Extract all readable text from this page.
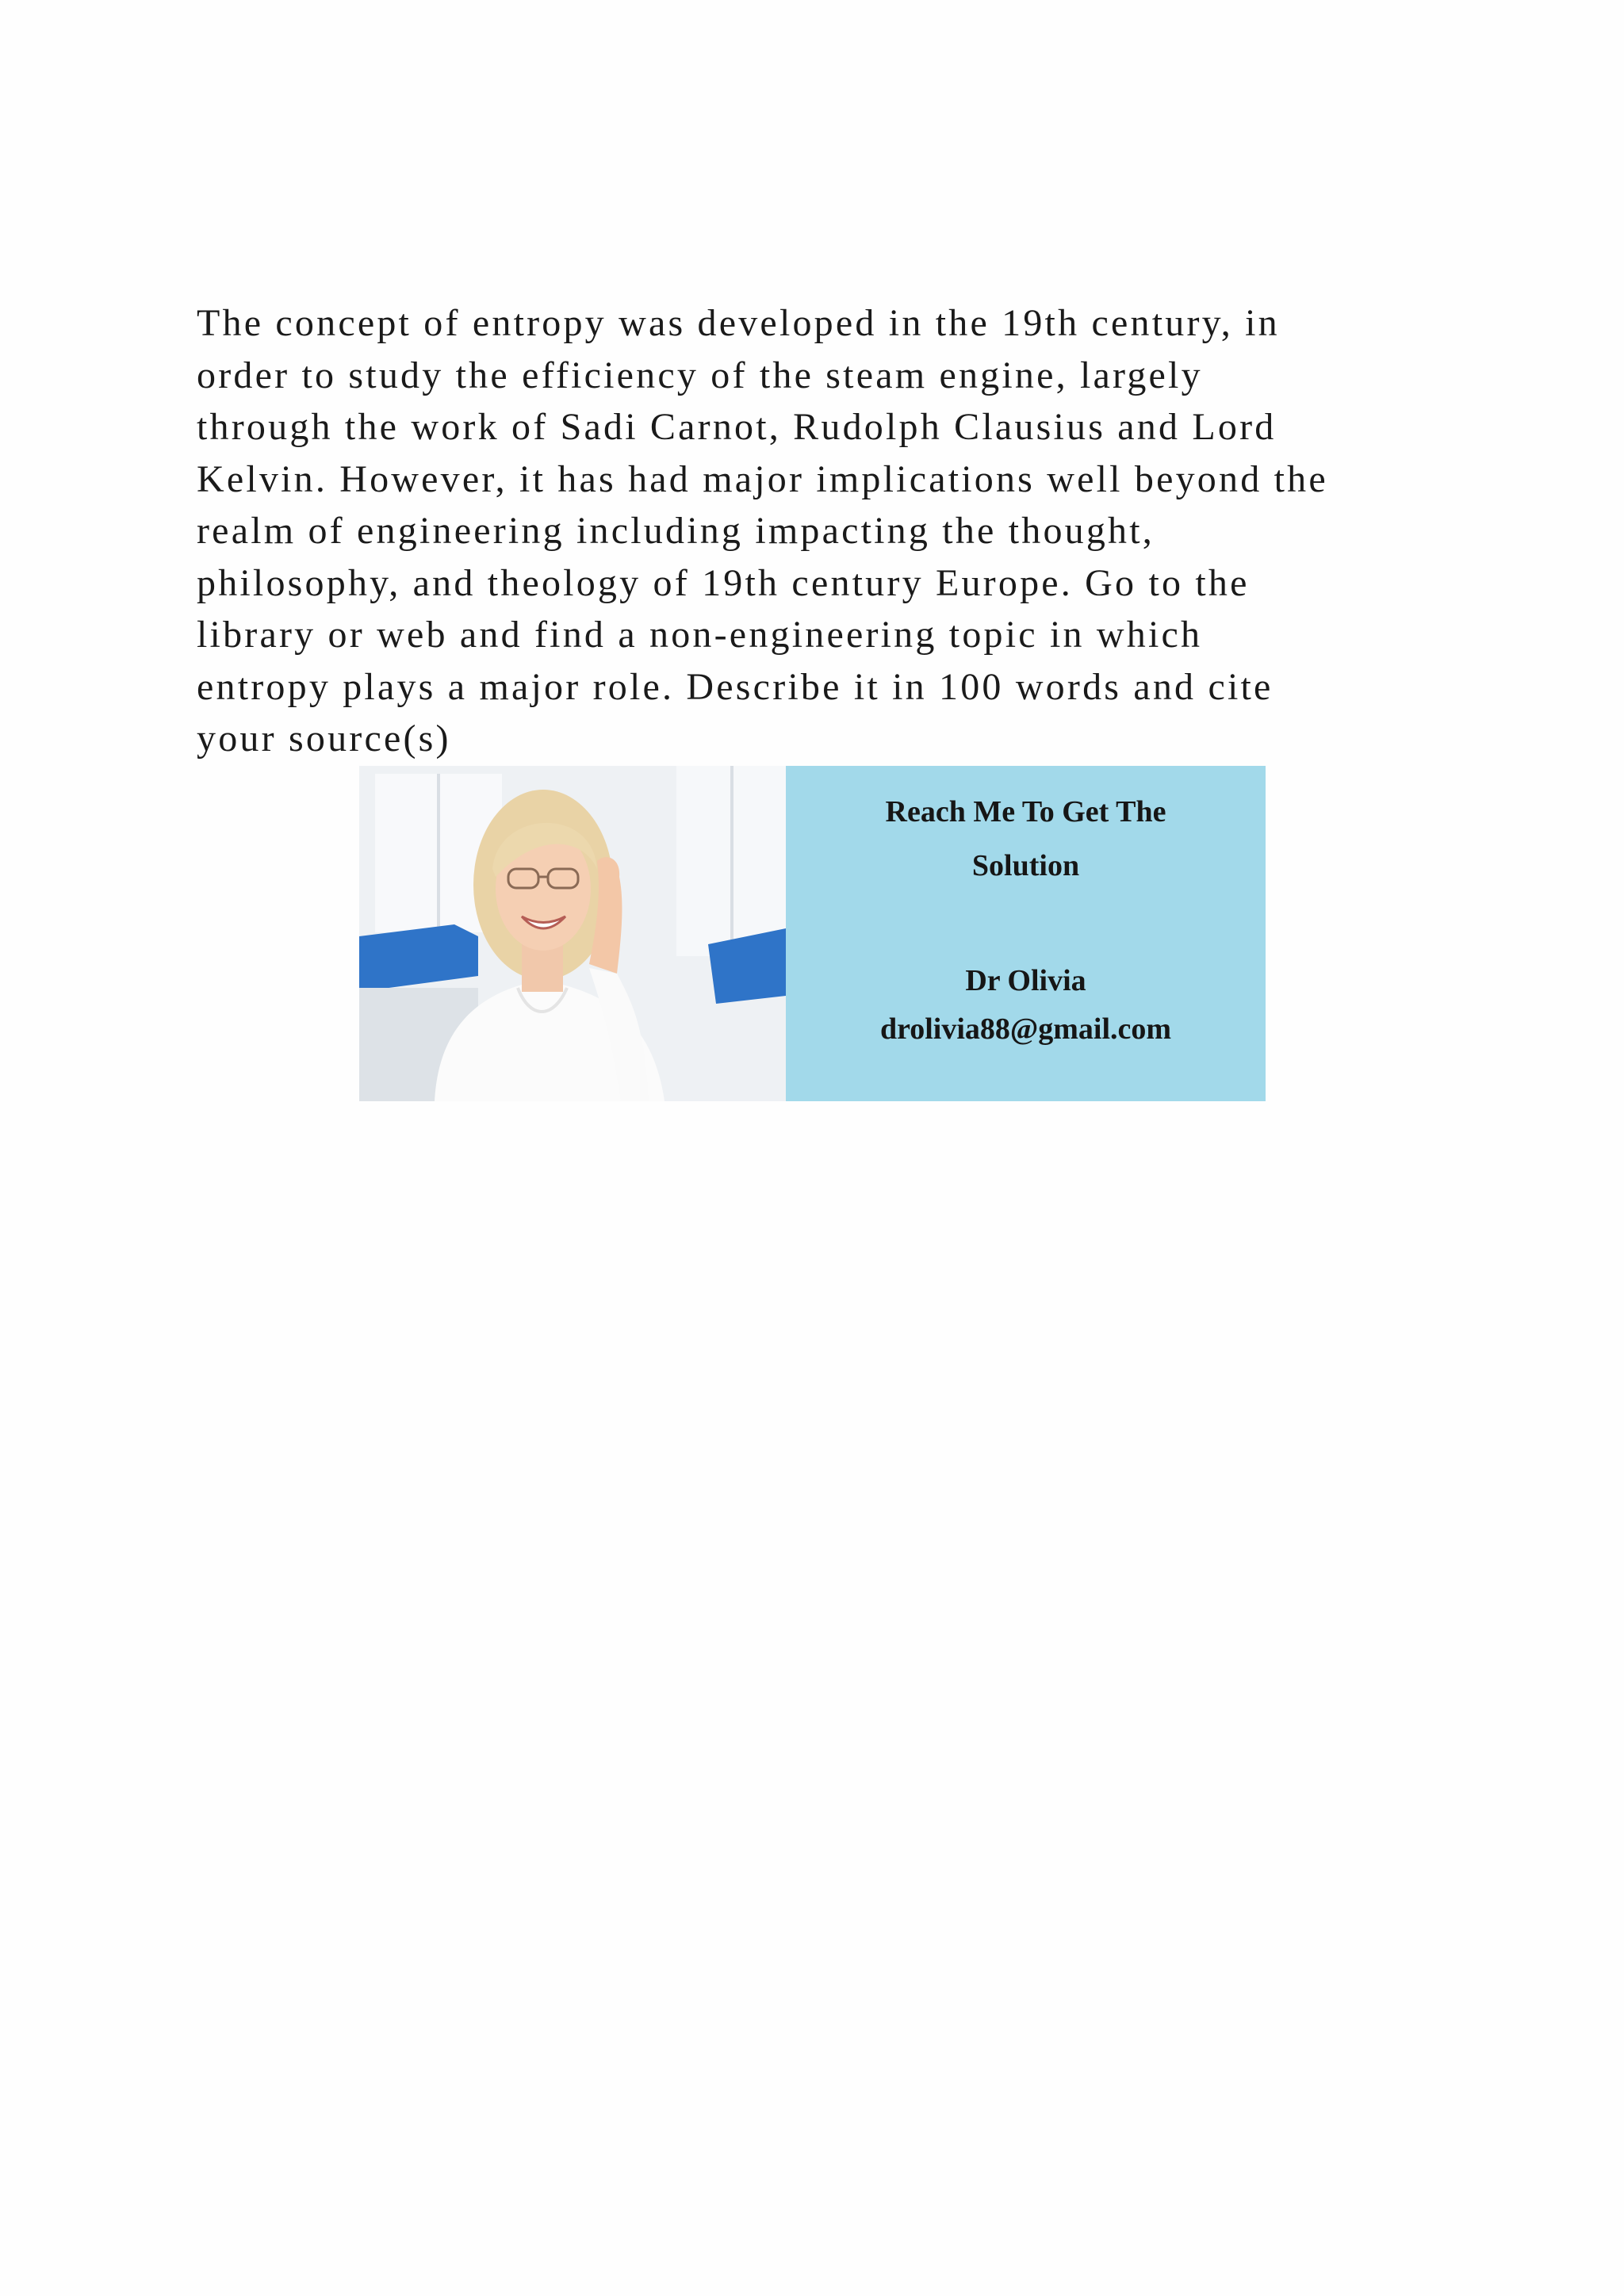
The concept of entropy was developed in the 19th century, in
order to study the efficiency of the steam engine, largely
through the work of Sadi Carnot, Rudolph Clausius and Lord
Kelvin. However, it has had major implications well beyond the
realm of engineering including impacting the thought,
philosophy, and theology of 19th century Europe. Go to the
library or web and find a non-engineering topic in which
entropy plays a major role. Describe it in 100 words and cite
your source(s)

Reach Me To Get The
Solution
Dr Olivia
drolivia88@gmail.com
